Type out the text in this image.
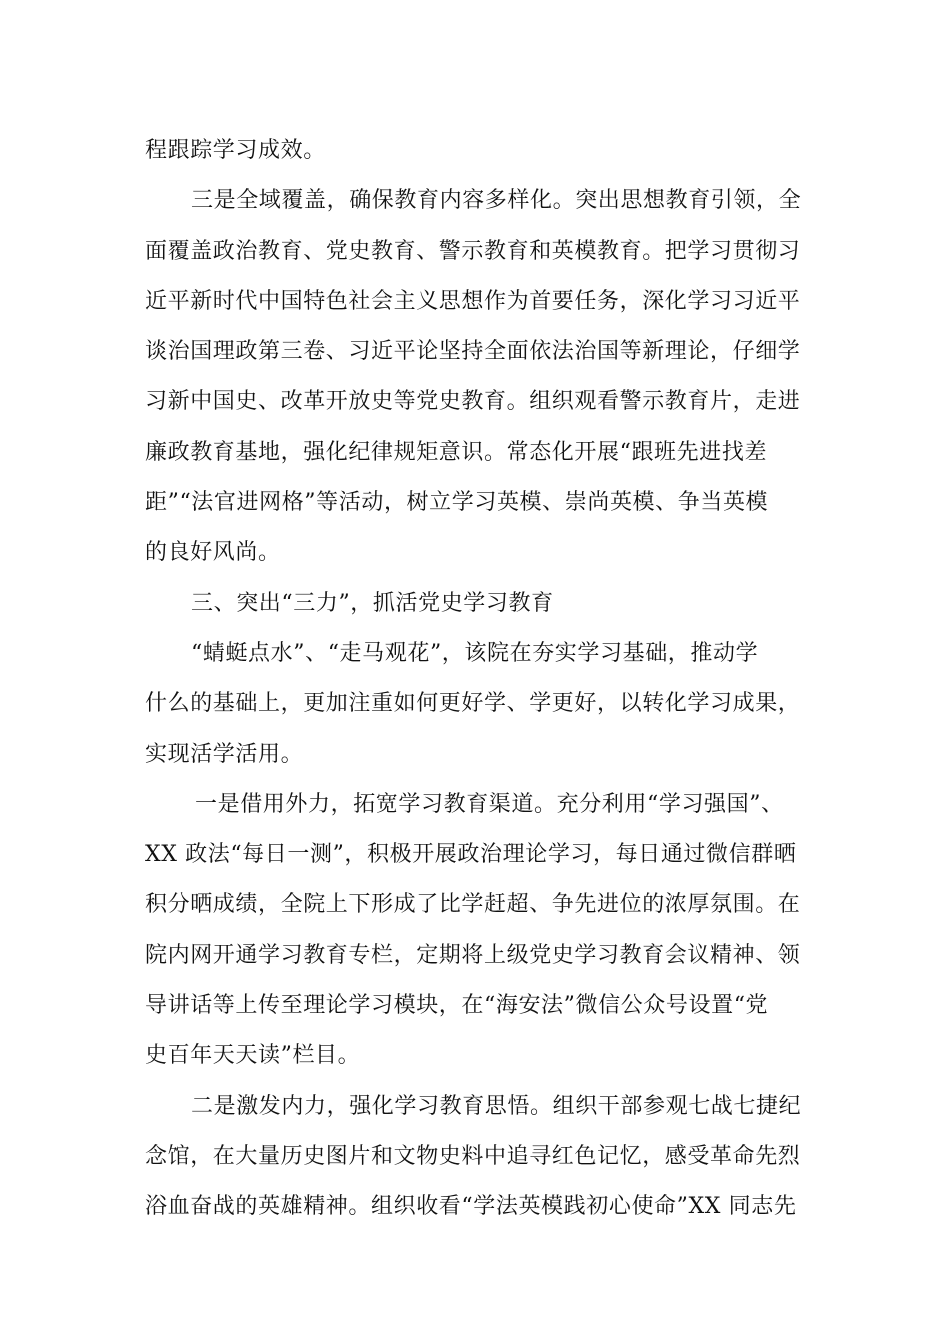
程跟踪学习成效。
三是全域覆盖，确保教育内容多样化。突出思想教育引领，全
面覆盖政治教育、党史教育、警示教育和英模教育。把学习贯彻习
近平新时代中国特色社会主义思想作为首要任务，深化学习习近平
谈治国理政第三卷、习近平论坚持全面依法治国等新理论，仔细学
习新中国史、改革开放史等党史教育。组织观看警示教育片，走进
廉政教育基地，强化纪律规矩意识。常态化开展“跟班先进找差
距”“法官进网格”等活动，树立学习英模、崇尚英模、争当英模
的良好风尚。
三、突出“三力”，抓活党史学习教育
“蜻蜓点水”、“走马观花”，该院在夯实学习基础，推动学
什么的基础上，更加注重如何更好学、学更好，以转化学习成果，
实现活学活用。
一是借用外力，拓宽学习教育渠道。充分利用“学习强国”、
XX 政法“每日一测”，积极开展政治理论学习，每日通过微信群晒
积分晒成绩，全院上下形成了比学赶超、争先进位的浓厚氛围。在
院内网开通学习教育专栏，定期将上级党史学习教育会议精神、领
导讲话等上传至理论学习模块，在“海安法”微信公众号设置“党
史百年天天读”栏目。
二是激发内力，强化学习教育思悟。组织干部参观七战七捷纪
念馆，在大量历史图片和文物史料中追寻红色记忆，感受革命先烈
浴血奋战的英雄精神。组织收看“学法英模践初心使命”XX 同志先
